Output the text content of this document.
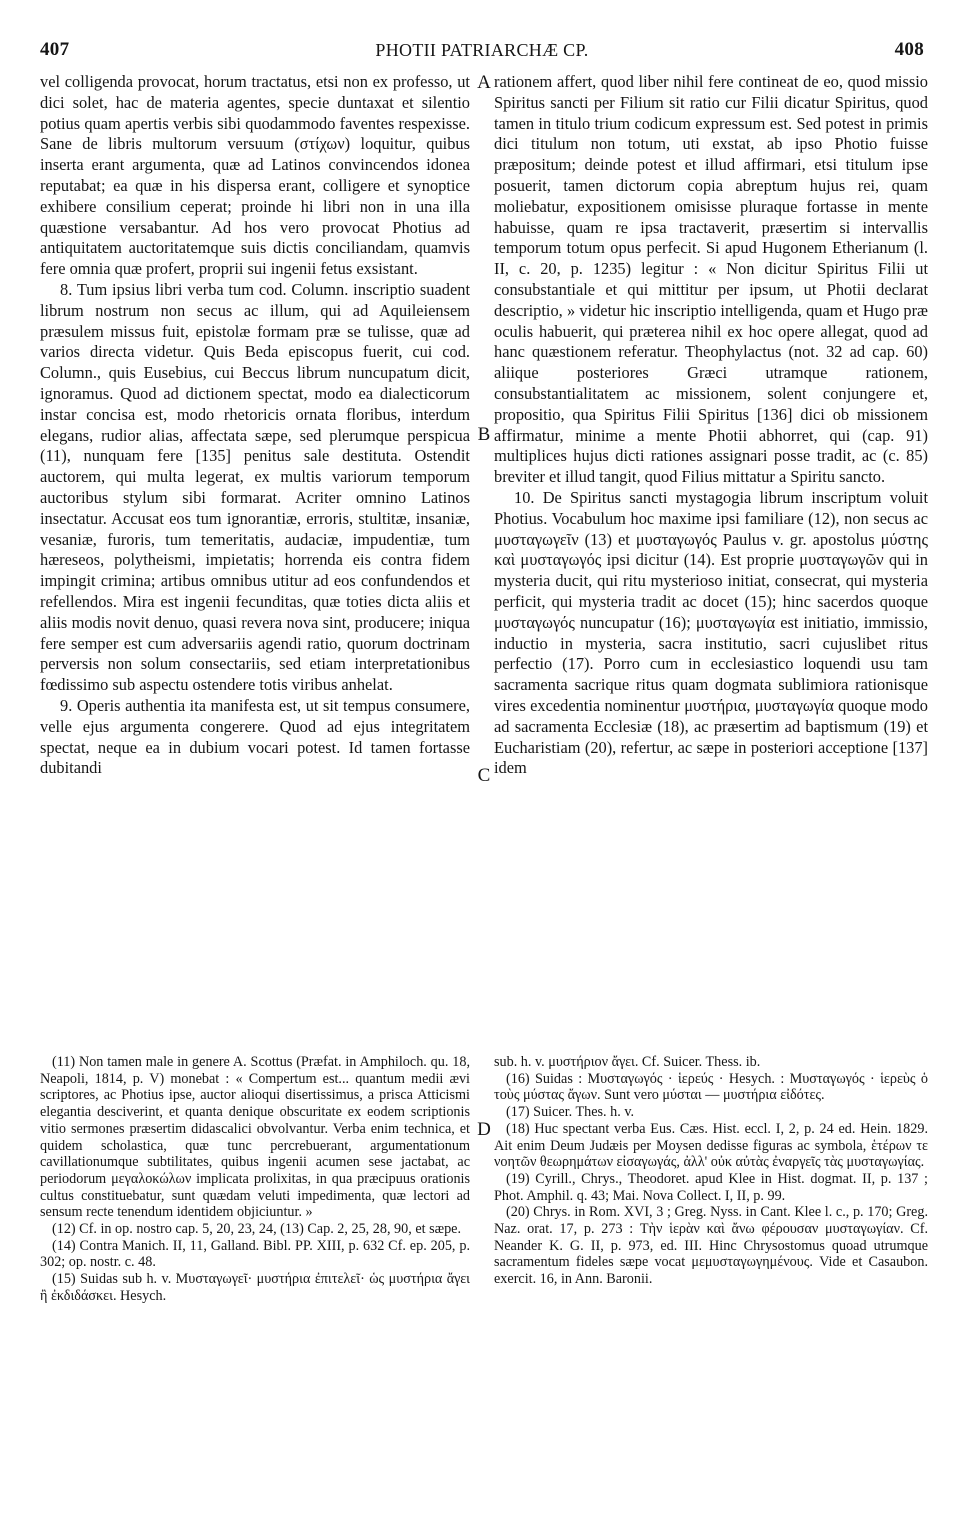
407	PHOTII PATRIARCHÆ CP.	408
A
B
C
D

vel colligenda provocat, horum tractatus, etsi non ex professo, ut dici solet, hac de materia agentes, specie duntaxat et silentio potius quam apertis verbis sibi quodammodo faventes respexisse. Sane de libris multorum versuum (στίχων) loquitur, quibus inserta erant argumenta, quæ ad Latinos convincendos idonea reputabat; ea quæ in his dispersa erant, colligere et synoptice exhibere consilium ceperat; proinde hi libri non in una illa quæstione versabantur. Ad hos vero provocat Photius ad antiquitatem auctoritatemque suis dictis conciliandam, quamvis fere omnia quæ profert, proprii sui ingenii fetus exsistant.

8. Tum ipsius libri verba tum cod. Column. inscriptio suadent librum nostrum non secus ac illum, qui ad Aquileiensem præsulem missus fuit, epistolæ formam præ se tulisse, quæ ad varios directa videtur. Quis Beda episcopus fuerit, cui cod. Column., quis Eusebius, cui Beccus librum nuncupatum dicit, ignoramus. Quod ad dictionem spectat, modo ea dialecticorum instar concisa est, modo rhetoricis ornata floribus, interdum elegans, rudior alias, affectata sæpe, sed plerumque perspicua (11), nunquam fere [135] penitus sale destituta. Ostendit auctorem, qui multa legerat, ex multis variorum temporum auctoribus stylum sibi formarat. Acriter omnino Latinos insectatur. Accusat eos tum ignorantiæ, erroris, stultitæ, insaniæ, vesaniæ, furoris, tum temeritatis, audaciæ, impudentiæ, tum hæreseos, polytheismi, impietatis; horrenda eis contra fidem impingit crimina; artibus omnibus utitur ad eos confundendos et refellendos. Mira est ingenii fecunditas, quæ toties dicta aliis et aliis modis novit denuo, quasi revera nova sint, producere; iniqua fere semper est cum adversariis agendi ratio, quorum doctrinam perversis non solum consectariis, sed etiam interpretationibus fœdissimo sub aspectu ostendere totis viribus anhelat.

9. Operis authentia ita manifesta est, ut sit tempus consumere, velle ejus argumenta congerere. Quod ad ejus integritatem spectat, neque ea in dubium vocari potest. Id tamen fortasse dubitandi

rationem affert, quod liber nihil fere contineat de eo, quod missio Spiritus sancti per Filium sit ratio cur Filii dicatur Spiritus, quod tamen in titulo trium codicum expressum est. Sed potest in primis dici titulum non totum, uti exstat, ab ipso Photio fuisse præpositum; deinde potest et illud affirmari, etsi titulum ipse posuerit, tamen dictorum copia abreptum hujus rei, quam moliebatur, expositionem omisisse pluraque fortasse in mente habuisse, quam re ipsa tractaverit, præsertim si intervallis temporum totum opus perfecit. Si apud Hugonem Etherianum (l. II, c. 20, p. 1235) legitur : « Non dicitur Spiritus Filii ut consubstantiale et qui mittitur per ipsum, ut Photii declarat descriptio, » videtur hic inscriptio intelligenda, quam et Hugo præ oculis habuerit, qui præterea nihil ex hoc opere allegat, quod ad hanc quæstionem referatur. Theophylactus (not. 32 ad cap. 60) aliique posteriores Græci utramque rationem, consubstantialitatem ac missionem, solent conjungere et, propositio, qua Spiritus Filii Spiritus [136] dici ob missionem affirmatur, minime a mente Photii abhorret, qui (cap. 91) multiplices hujus dicti rationes assignari posse tradit, ac (c. 85) breviter et illud tangit, quod Filius mittatur a Spiritu sancto.

10. De Spiritus sancti mystagogia librum inscriptum voluit Photius. Vocabulum hoc maxime ipsi familiare (12), non secus ac μυσταγωγεῖν (13) et μυσταγωγός Paulus v. gr. apostolus μύστης καὶ μυσταγωγός ipsi dicitur (14). Est proprie μυσταγωγῶν qui in mysteria ducit, qui ritu mysterioso initiat, consecrat, qui mysteria perficit, qui mysteria tradit ac docet (15); hinc sacerdos quoque μυσταγωγός nuncupatur (16); μυσταγωγία est initiatio, immissio, inductio in mysteria, sacra institutio, sacri cujuslibet ritus perfectio (17). Porro cum in ecclesiastico loquendi usu tam sacramenta sacrique ritus quam dogmata sublimiora rationisque vires excedentia nominentur μυστήρια, μυσταγωγία quoque modo ad sacramenta Ecclesiæ (18), ac præsertim ad baptismum (19) et Eucharistiam (20), refertur, ac sæpe in posteriori acceptione [137] idem

(11) Non tamen male in genere A. Scottus (Præfat. in Amphiloch. qu. 18, Neapoli, 1814, p. V) monebat : « Compertum est... quantum medii ævi scriptores, ac Photius ipse, auctor alioqui disertissimus, a prisca Atticismi elegantia desciverint, et quanta denique obscuritate ex eodem scriptionis vitio sermones præsertim didascalici obvolvantur. Verba enim technica, et quidem scholastica, quæ tunc percrebuerant, argumentationum cavillationumque subtilitates, quibus ingenii acumen sese jactabat, ac periodorum μεγαλοκώλων implicata prolixitas, in qua præcipuus orationis cultus constituebatur, sunt quædam veluti impedimenta, quæ lectori ad sensum recte tenendum identidem objiciuntur. »

(12) Cf. in op. nostro cap. 5, 20, 23, 24, (13) Cap. 2, 25, 28, 90, et sæpe.

(14) Contra Manich. II, 11, Galland. Bibl. PP. XIII, p. 632 Cf. ep. 205, p. 302; op. nostr. c. 48.

(15) Suidas sub h. v. Μυσταγωγεῖ· μυστήρια ἐπιτελεῖ· ὡς μυστήρια ἄγει ἢ ἐκδιδάσκει. Hesych.

sub. h. v. μυστήριον ἄγει. Cf. Suicer. Thess. ib.

(16) Suidas : Μυσταγωγός · ἱερεύς · Hesych. : Μυσταγωγός · ἱερεὺς ὁ τοὺς μύστας ἄγων. Sunt vero μύσται — μυστήρια εἰδότες.

(17) Suicer. Thes. h. v.

(18) Huc spectant verba Eus. Cæs. Hist. eccl. I, 2, p. 24 ed. Hein. 1829. Ait enim Deum Judæis per Moysen dedisse figuras ac symbola, ἑτέρων τε νοητῶν θεωρημάτων εἰσαγωγάς, ἀλλ' οὐκ αὐτὰς ἐναργεῖς τὰς μυσταγωγίας.

(19) Cyrill., Chrys., Theodoret. apud Klee in Hist. dogmat. II, p. 137 ; Phot. Amphil. q. 43; Mai. Nova Collect. I, II, p. 99.

(20) Chrys. in Rom. XVI, 3 ; Greg. Nyss. in Cant. Klee l. c., p. 170; Greg. Naz. orat. 17, p. 273 : Τὴν ἱερὰν καὶ ἄνω φέρουσαν μυσταγωγίαν. Cf. Neander K. G. II, p. 973, ed. III. Hinc Chrysostomus quoad utrumque sacramentum fideles sæpe vocat μεμυσταγωγημένους. Vide et Casaubon. exercit. 16, in Ann. Baronii.
